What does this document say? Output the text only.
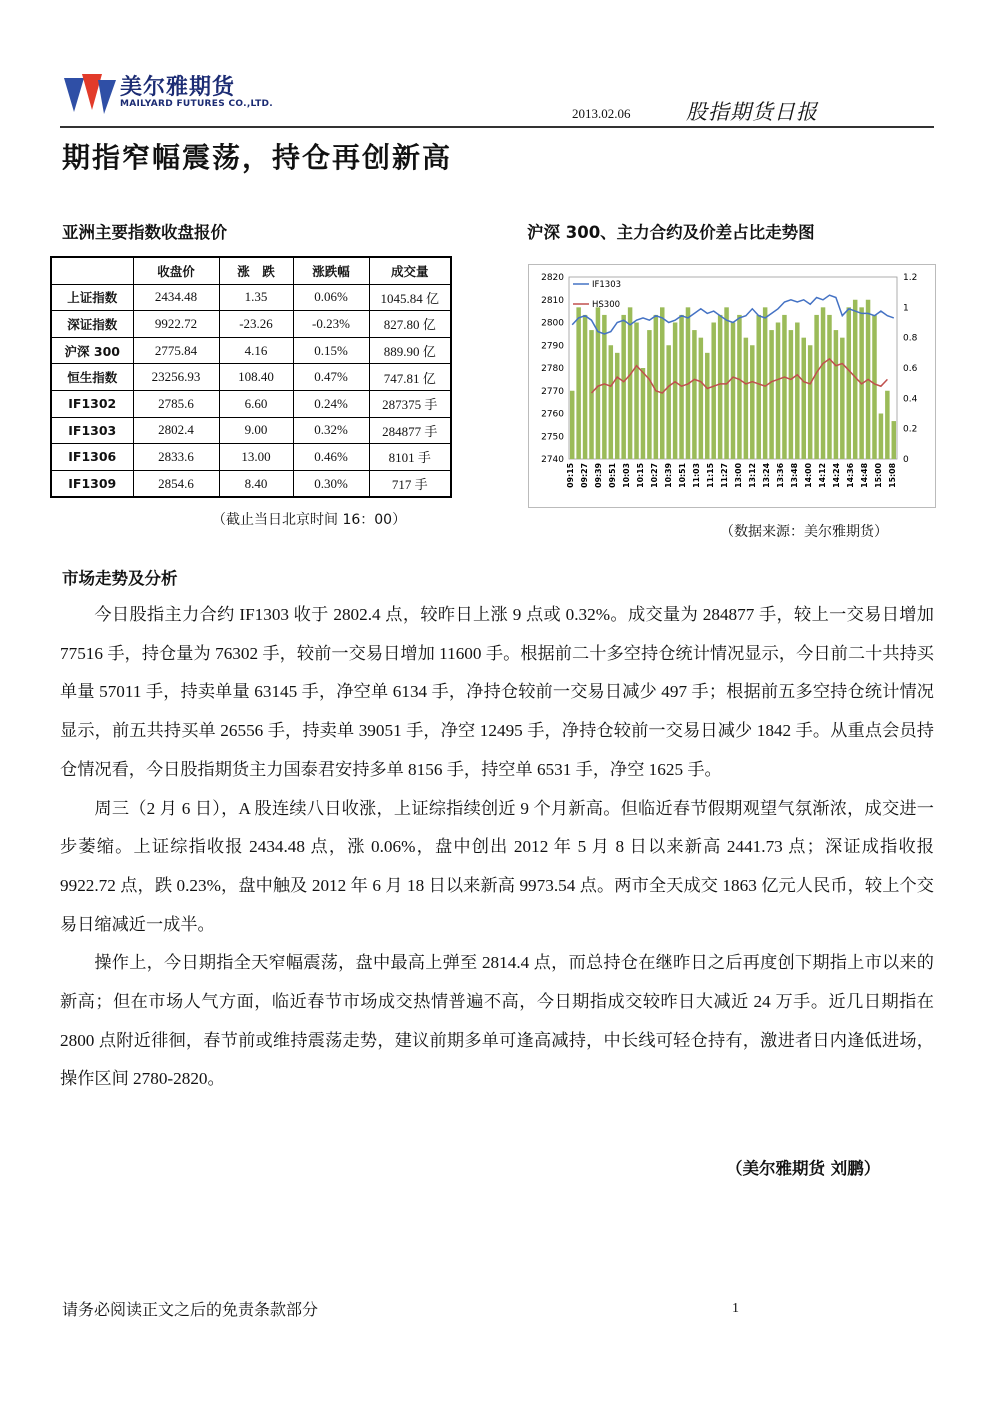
美尔雅期货
MAILYARD FUTURES CO.,LTD.
2013.02.06	股指期货日报
期指窄幅震荡，持仓再创新高
亚洲主要指数收盘报价
	收盘价	涨　跌	涨跌幅	成交量
上证指数	2434.48	1.35	0.06%	1045.84 亿
深证指数	9922.72	-23.26	-0.23%	827.80 亿
沪深 300	2775.84	4.16	0.15%	889.90 亿
恒生指数	23256.93	108.40	0.47%	747.81 亿
IF1302	2785.6	6.60	0.24%	287375 手
IF1303	2802.4	9.00	0.32%	284877 手
IF1306	2833.6	13.00	0.46%	8101 手
IF1309	2854.6	8.40	0.30%	717 手
（截止当日北京时间 16：00）
沪深 300、主力合约及价差占比走势图
2820
2810
2800
2790
2780
2770
2760
2750
2740
1.2
1
0.8
0.6
0.4
0.2
0
IF1303
HS300
09:15 09:27 09:39 09:51 10:03 10:15 10:27 10:39 10:51 11:03 11:15 11:27 13:00 13:12 13:24 13:36 13:48 14:00 14:12 14:24 14:36 14:48 15:00 15:08
（数据来源：美尔雅期货）
市场走势及分析

今日股指主力合约 IF1303 收于 2802.4 点，较昨日上涨 9 点或 0.32%。成交量为 284877 手，较上一交易日增加 77516 手，持仓量为 76302 手，较前一交易日增加 11600 手。根据前二十多空持仓统计情况显示，今日前二十共持买单量 57011 手，持卖单量 63145 手，净空单 6134 手，净持仓较前一交易日减少 497 手；根据前五多空持仓统计情况显示，前五共持买单 26556 手，持卖单 39051 手，净空 12495 手，净持仓较前一交易日减少 1842 手。从重点会员持仓情况看，今日股指期货主力国泰君安持多单 8156 手，持空单 6531 手，净空 1625 手。

周三（2 月 6 日），A 股连续八日收涨，上证综指续创近 9 个月新高。但临近春节假期观望气氛渐浓，成交进一步萎缩。上证综指收报 2434.48 点，涨 0.06%，盘中创出 2012 年 5 月 8 日以来新高 2441.73 点；深证成指收报 9922.72 点，跌 0.23%，盘中触及 2012 年 6 月 18 日以来新高 9973.54 点。两市全天成交 1863 亿元人民币，较上个交易日缩减近一成半。

操作上，今日期指全天窄幅震荡，盘中最高上弹至 2814.4 点，而总持仓在继昨日之后再度创下期指上市以来的新高；但在市场人气方面，临近春节市场成交热情普遍不高，今日期指成交较昨日大减近 24 万手。近几日期指在 2800 点附近徘徊，春节前或维持震荡走势，建议前期多单可逢高减持，中长线可轻仓持有，激进者日内逢低进场，操作区间 2780-2820。

（美尔雅期货 刘鹏）
请务必阅读正文之后的免责条款部分	1
